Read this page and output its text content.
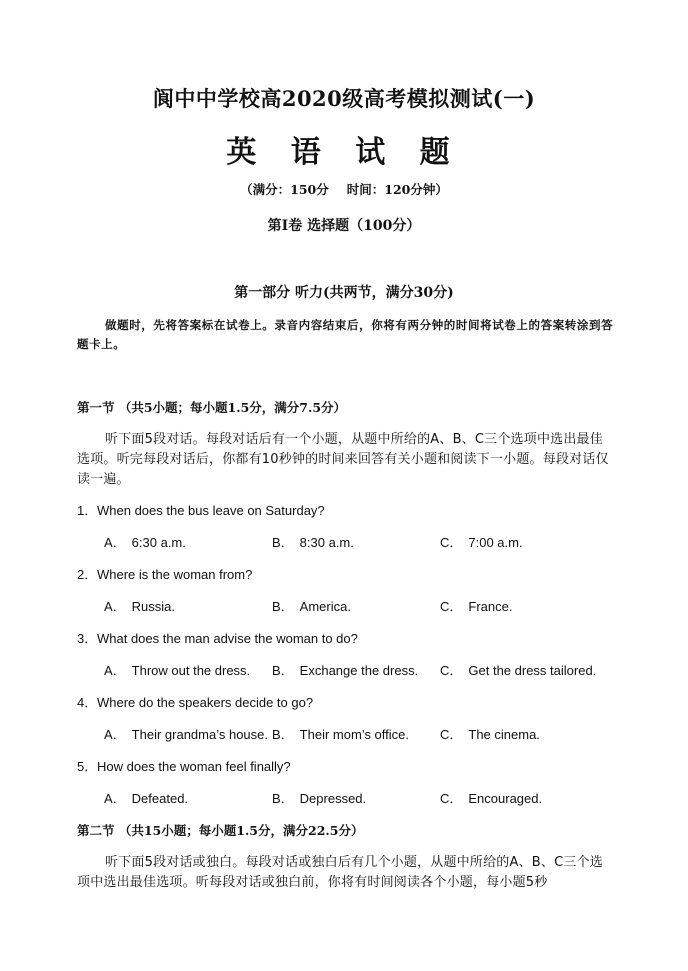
阆中中学校高2020级高考模拟测试(一)
英 语 试 题
（满分：150分 时间：120分钟）
第Ⅰ卷 选择题（100分）
第一部分 听力(共两节，满分30分)
做题时，先将答案标在试卷上。录音内容结束后，你将有两分钟的时间将试卷上的答案转涂到答题卡上。
第一节 （共5小题；每小题1.5分，满分7.5分）
听下面5段对话。每段对话后有一个小题，从题中所给的A、B、C三个选项中选出最佳选项。听完每段对话后，你都有10秒钟的时间来回答有关小题和阅读下一小题。每段对话仅读一遍。
1．When does the bus leave on Saturday?
A． 6:30 a.m.	B． 8:30 a.m.	C． 7:00 a.m.
2．Where is the woman from?
A． Russia.	B． America.	C． France.
3．What does the man advise the woman to do?
A． Throw out the dress. B． Exchange the dress. C． Get the dress tailored.
4．Where do the speakers decide to go?
A． Their grandma’s house. B． Their mom’s office. C． The cinema.
5．How does the woman feel finally?
A． Defeated.	B． Depressed.	C． Encouraged.
第二节 （共15小题；每小题1.5分，满分22.5分）
听下面5段对话或独白。每段对话或独白后有几个小题，从题中所给的A、B、C三个选项中选出最佳选项。听每段对话或独白前，你将有时间阅读各个小题，每小题5秒
